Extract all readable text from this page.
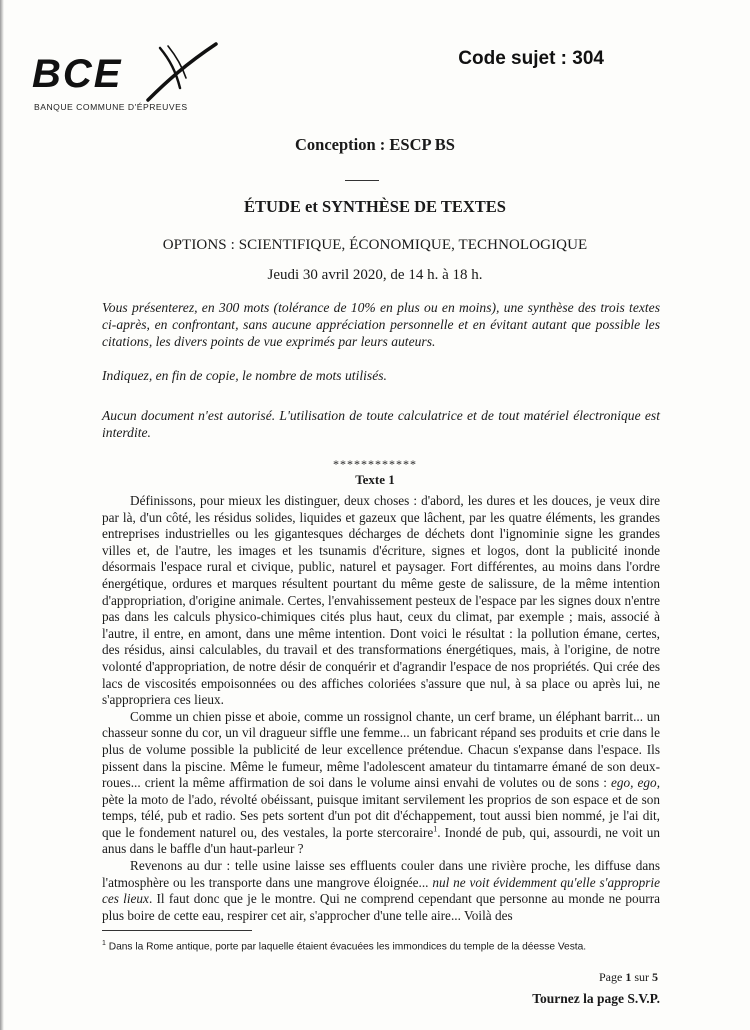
BCE
BANQUE COMMUNE D'ÉPREUVES
Code sujet : 304
Conception : ESCP BS
ÉTUDE et SYNTHÈSE DE TEXTES
OPTIONS : SCIENTIFIQUE, ÉCONOMIQUE, TECHNOLOGIQUE
Jeudi 30 avril 2020, de 14 h. à 18 h.
Vous présenterez, en 300 mots (tolérance de 10% en plus ou en moins), une synthèse des trois textes ci-après, en confrontant, sans aucune appréciation personnelle et en évitant autant que possible les citations, les divers points de vue exprimés par leurs auteurs.
Indiquez, en fin de copie, le nombre de mots utilisés.
Aucun document n'est autorisé. L'utilisation de toute calculatrice et de tout matériel électronique est interdite.
************
Texte 1

Définissons, pour mieux les distinguer, deux choses : d'abord, les dures et les douces, je veux dire par là, d'un côté, les résidus solides, liquides et gazeux que lâchent, par les quatre éléments, les grandes entreprises industrielles ou les gigantesques décharges de déchets dont l'ignominie signe les grandes villes et, de l'autre, les images et les tsunamis d'écriture, signes et logos, dont la publicité inonde désormais l'espace rural et civique, public, naturel et paysager. Fort différentes, au moins dans l'ordre énergétique, ordures et marques résultent pourtant du même geste de salissure, de la même intention d'appropriation, d'origine animale. Certes, l'envahissement pesteux de l'espace par les signes doux n'entre pas dans les calculs physico-chimiques cités plus haut, ceux du climat, par exemple ; mais, associé à l'autre, il entre, en amont, dans une même intention. Dont voici le résultat : la pollution émane, certes, des résidus, ainsi calculables, du travail et des transformations énergétiques, mais, à l'origine, de notre volonté d'appropriation, de notre désir de conquérir et d'agrandir l'espace de nos propriétés. Qui crée des lacs de viscosités empoisonnées ou des affiches coloriées s'assure que nul, à sa place ou après lui, ne s'appropriera ces lieux.

Comme un chien pisse et aboie, comme un rossignol chante, un cerf brame, un éléphant barrit... un chasseur sonne du cor, un vil dragueur siffle une femme... un fabricant répand ses produits et crie dans le plus de volume possible la publicité de leur excellence prétendue. Chacun s'expanse dans l'espace. Ils pissent dans la piscine. Même le fumeur, même l'adolescent amateur du tintamarre émané de son deux-roues... crient la même affirmation de soi dans le volume ainsi envahi de volutes ou de sons : ego, ego, pète la moto de l'ado, révolté obéissant, puisque imitant servilement les proprios de son espace et de son temps, télé, pub et radio. Ses pets sortent d'un pot dit d'échappement, tout aussi bien nommé, je l'ai dit, que le fondement naturel ou, des vestales, la porte stercoraire$^1$. Inondé de pub, qui, assourdi, ne voit un anus dans le baffle d'un haut-parleur ?

Revenons au dur : telle usine laisse ses effluents couler dans une rivière proche, les diffuse dans l'atmosphère ou les transporte dans une mangrove éloignée... nul ne voit évidemment qu'elle s'approprie ces lieux. Il faut donc que je le montre. Qui ne comprend cependant que personne au monde ne pourra plus boire de cette eau, respirer cet air, s'approcher d'une telle aire... Voilà des

$^1$ Dans la Rome antique, porte par laquelle étaient évacuées les immondices du temple de la déesse Vesta.
Page 1 sur 5
Tournez la page S.V.P.
